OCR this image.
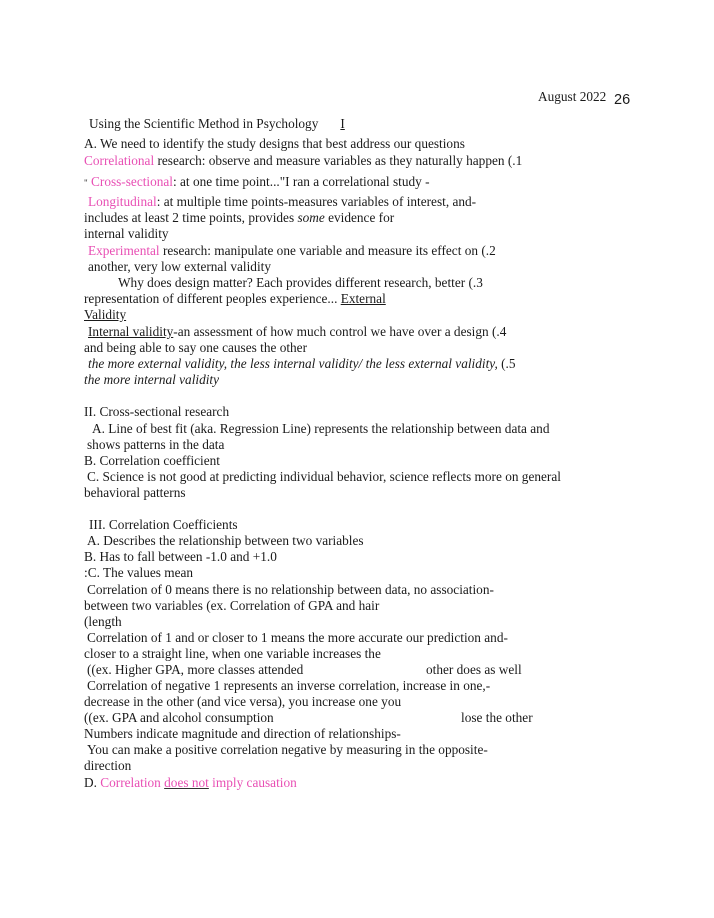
August 2022 26
Using the Scientific Method in Psychology I
A. We need to identify the study designs that best address our questions
Correlational research: observe and measure variables as they naturally happen (.1
" Cross-sectional: at one time point..."I ran a correlational study -
Longitudinal: at multiple time points-measures variables of interest, and-
includes at least 2 time points, provides some evidence for
internal validity
Experimental research: manipulate one variable and measure its effect on (.2
another, very low external validity
Why does design matter? Each provides different research, better (.3
representation of different peoples experience... External
Validity
Internal validity-an assessment of how much control we have over a design (.4
and being able to say one causes the other
the more external validity, the less internal validity/ the less external validity, (.5
the more internal validity
II. Cross-sectional research
A. Line of best fit (aka. Regression Line) represents the relationship between data and
shows patterns in the data
B. Correlation coefficient
C. Science is not good at predicting individual behavior, science reflects more on general
behavioral patterns
III. Correlation Coefficients
A. Describes the relationship between two variables
B. Has to fall between -1.0 and +1.0
:C. The values mean
Correlation of 0 means there is no relationship between data, no association-
between two variables (ex. Correlation of GPA and hair
(length
Correlation of 1 and or closer to 1 means the more accurate our prediction and-
closer to a straight line, when one variable increases the
((ex. Higher GPA, more classes attended	other does as well
Correlation of negative 1 represents an inverse correlation, increase in one,-
decrease in the other (and vice versa), you increase one you
((ex. GPA and alcohol consumption	lose the other
Numbers indicate magnitude and direction of relationships-
You can make a positive correlation negative by measuring in the opposite-
direction
D. Correlation does not imply causation
